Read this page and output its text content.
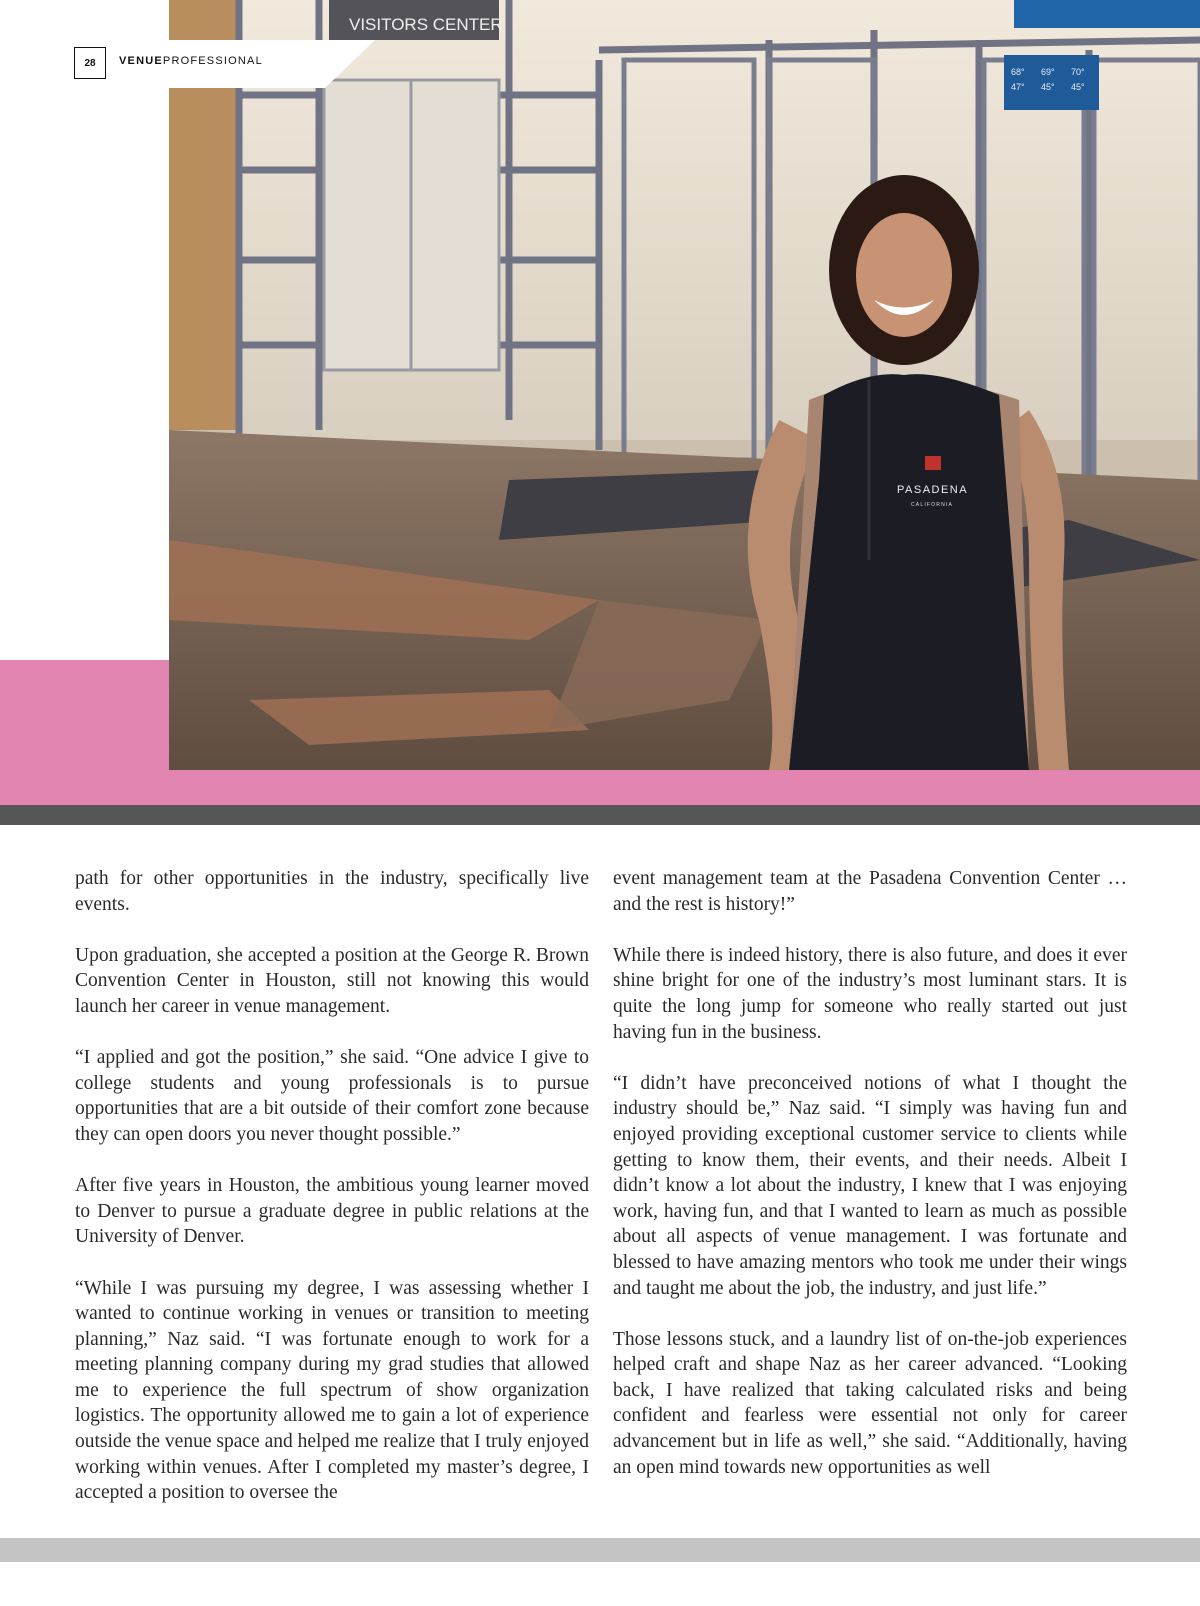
VISITORS CENTER
68° 69° 70°
47° 45° 45°
PASADENA
CALIFORNIA
28	VENUEPROFESSIONAL

path for other opportunities in the industry, specifically live events.

Upon graduation, she accepted a position at the George R. Brown Convention Center in Houston, still not knowing this would launch her career in venue management.

“I applied and got the position,” she said. “One advice I give to college students and young professionals is to pursue opportunities that are a bit outside of their comfort zone because they can open doors you never thought possible.”

After five years in Houston, the ambitious young learner moved to Denver to pursue a graduate degree in public relations at the University of Denver.

“While I was pursuing my degree, I was assessing whether I wanted to continue working in venues or transition to meeting planning,” Naz said. “I was fortunate enough to work for a meeting planning company during my grad studies that allowed me to experience the full spectrum of show organization logistics. The opportunity allowed me to gain a lot of experience outside the venue space and helped me realize that I truly enjoyed working within venues. After I completed my master’s degree, I accepted a position to oversee the

event management team at the Pasadena Convention Center … and the rest is history!”

While there is indeed history, there is also future, and does it ever shine bright for one of the industry’s most luminant stars. It is quite the long jump for someone who really started out just having fun in the business.

“I didn’t have preconceived notions of what I thought the industry should be,” Naz said. “I simply was having fun and enjoyed providing exceptional customer service to clients while getting to know them, their events, and their needs. Albeit I didn’t know a lot about the industry, I knew that I was enjoying work, having fun, and that I wanted to learn as much as possible about all aspects of venue management. I was fortunate and blessed to have amazing mentors who took me under their wings and taught me about the job, the industry, and just life.”

Those lessons stuck, and a laundry list of on-the-job experiences helped craft and shape Naz as her career advanced. “Looking back, I have realized that taking calculated risks and being confident and fearless were essential not only for career advancement but in life as well,” she said. “Additionally, having an open mind towards new opportunities as well
